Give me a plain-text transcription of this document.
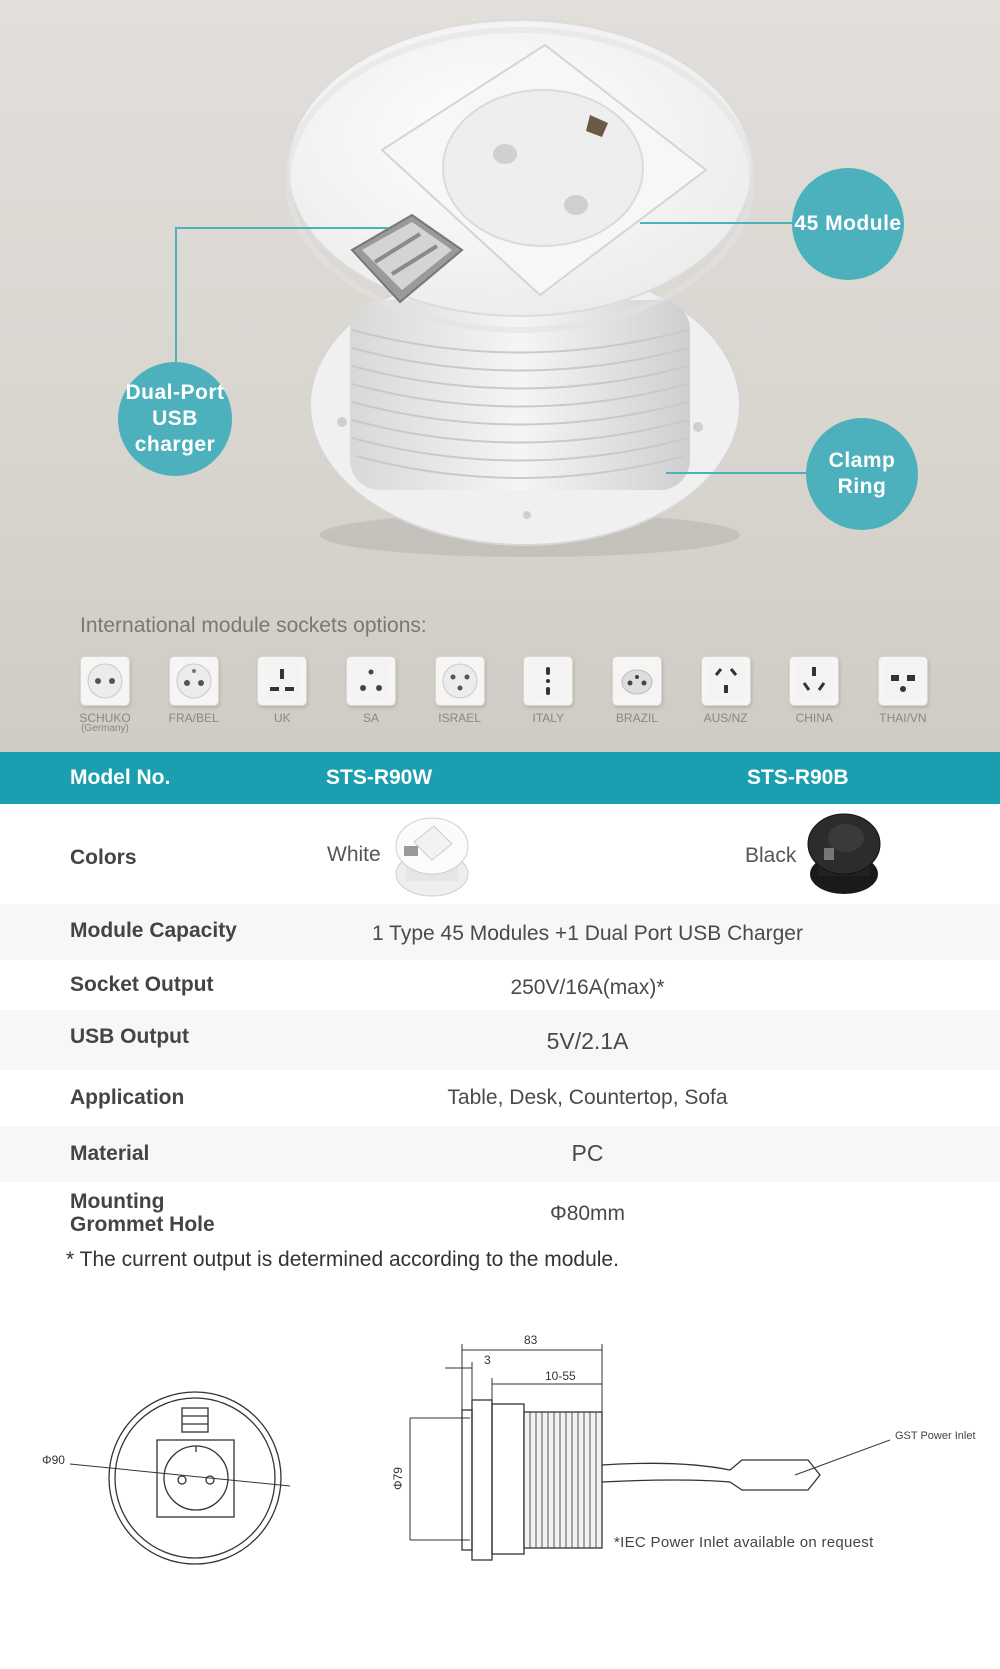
Dual-Port
USB
charger
45 Module
Clamp Ring
International module sockets options:
SCHUKO
(Germany)
FRA/BEL	UK	SA	ISRAEL	ITALY	BRAZIL	AUS/NZ	CHINA	THAI/VN
Model No.	STS-R90W	STS-R90B
Colors	White	Black
Module Capacity	1 Type 45 Modules +1 Dual Port USB Charger
Socket Output	250V/16A(max)*
USB Output	5V/2.1A
Application	Table, Desk, Countertop, Sofa
Material	PC
Mounting
Grommet Hole	Φ80mm
* The current output is determined according to the module.
Φ90
83
3
10-55
Φ79
GST Power Inlet
*IEC Power Inlet available on request
